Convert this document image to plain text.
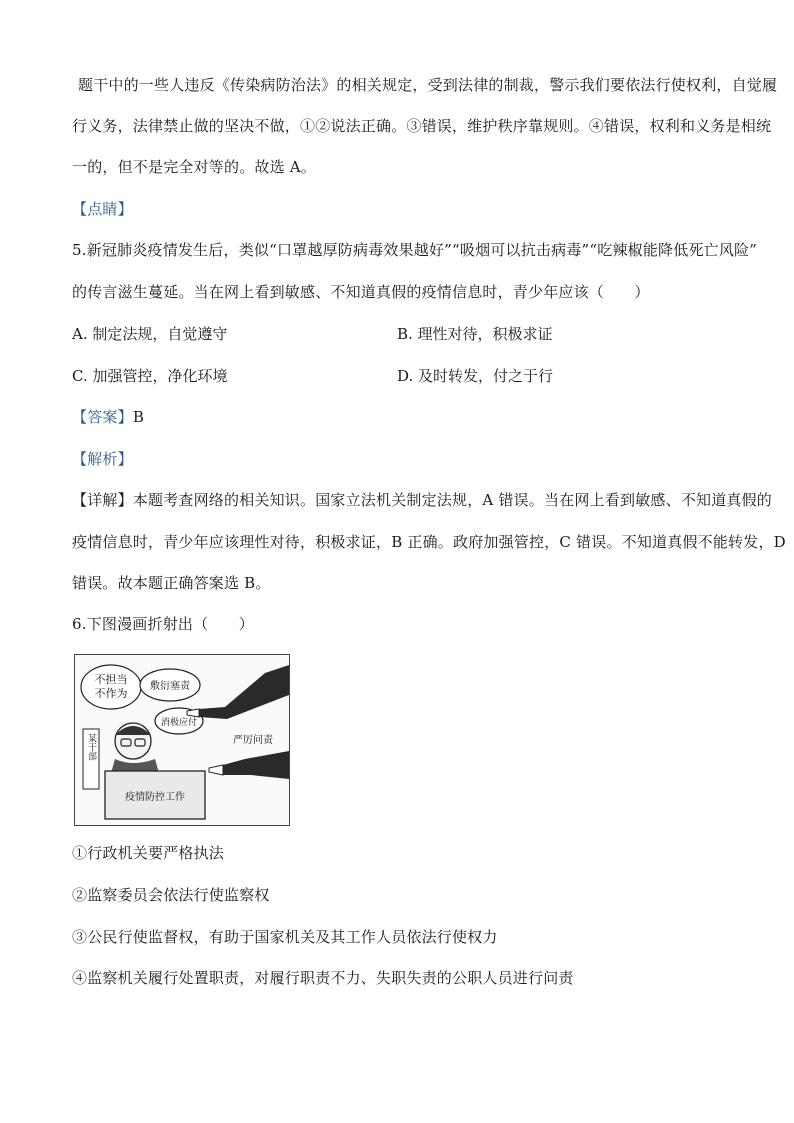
题干中的一些人违反《传染病防治法》的相关规定，受到法律的制裁，警示我们要依法行使权利，自觉履
行义务，法律禁止做的坚决不做，①②说法正确。③错误，维护秩序靠规则。④错误，权利和义务是相统
一的，但不是完全对等的。故选 A。
【点睛】
5.新冠肺炎疫情发生后，类似“口罩越厚防病毒效果越好”“吸烟可以抗击病毒”“吃辣椒能降低死亡风险”
的传言滋生蔓延。当在网上看到敏感、不知道真假的疫情信息时，青少年应该（　　）
A. 制定法规，自觉遵守	B. 理性对待，积极求证
C. 加强管控，净化环境	D. 及时转发，付之于行
【答案】B
【解析】
【详解】本题考查网络的相关知识。国家立法机关制定法规，A 错误。当在网上看到敏感、不知道真假的
疫情信息时，青少年应该理性对待，积极求证，B 正确。政府加强管控，C 错误。不知道真假不能转发，D
错误。故本题正确答案选 B。
6.下图漫画折射出（　　）
不担当
不作为
敷衍塞责
消极应付
某干部
疫情防控工作
严厉问责
①行政机关要严格执法
②监察委员会依法行使监察权
③公民行使监督权，有助于国家机关及其工作人员依法行使权力
④监察机关履行处置职责，对履行职责不力、失职失责的公职人员进行问责
